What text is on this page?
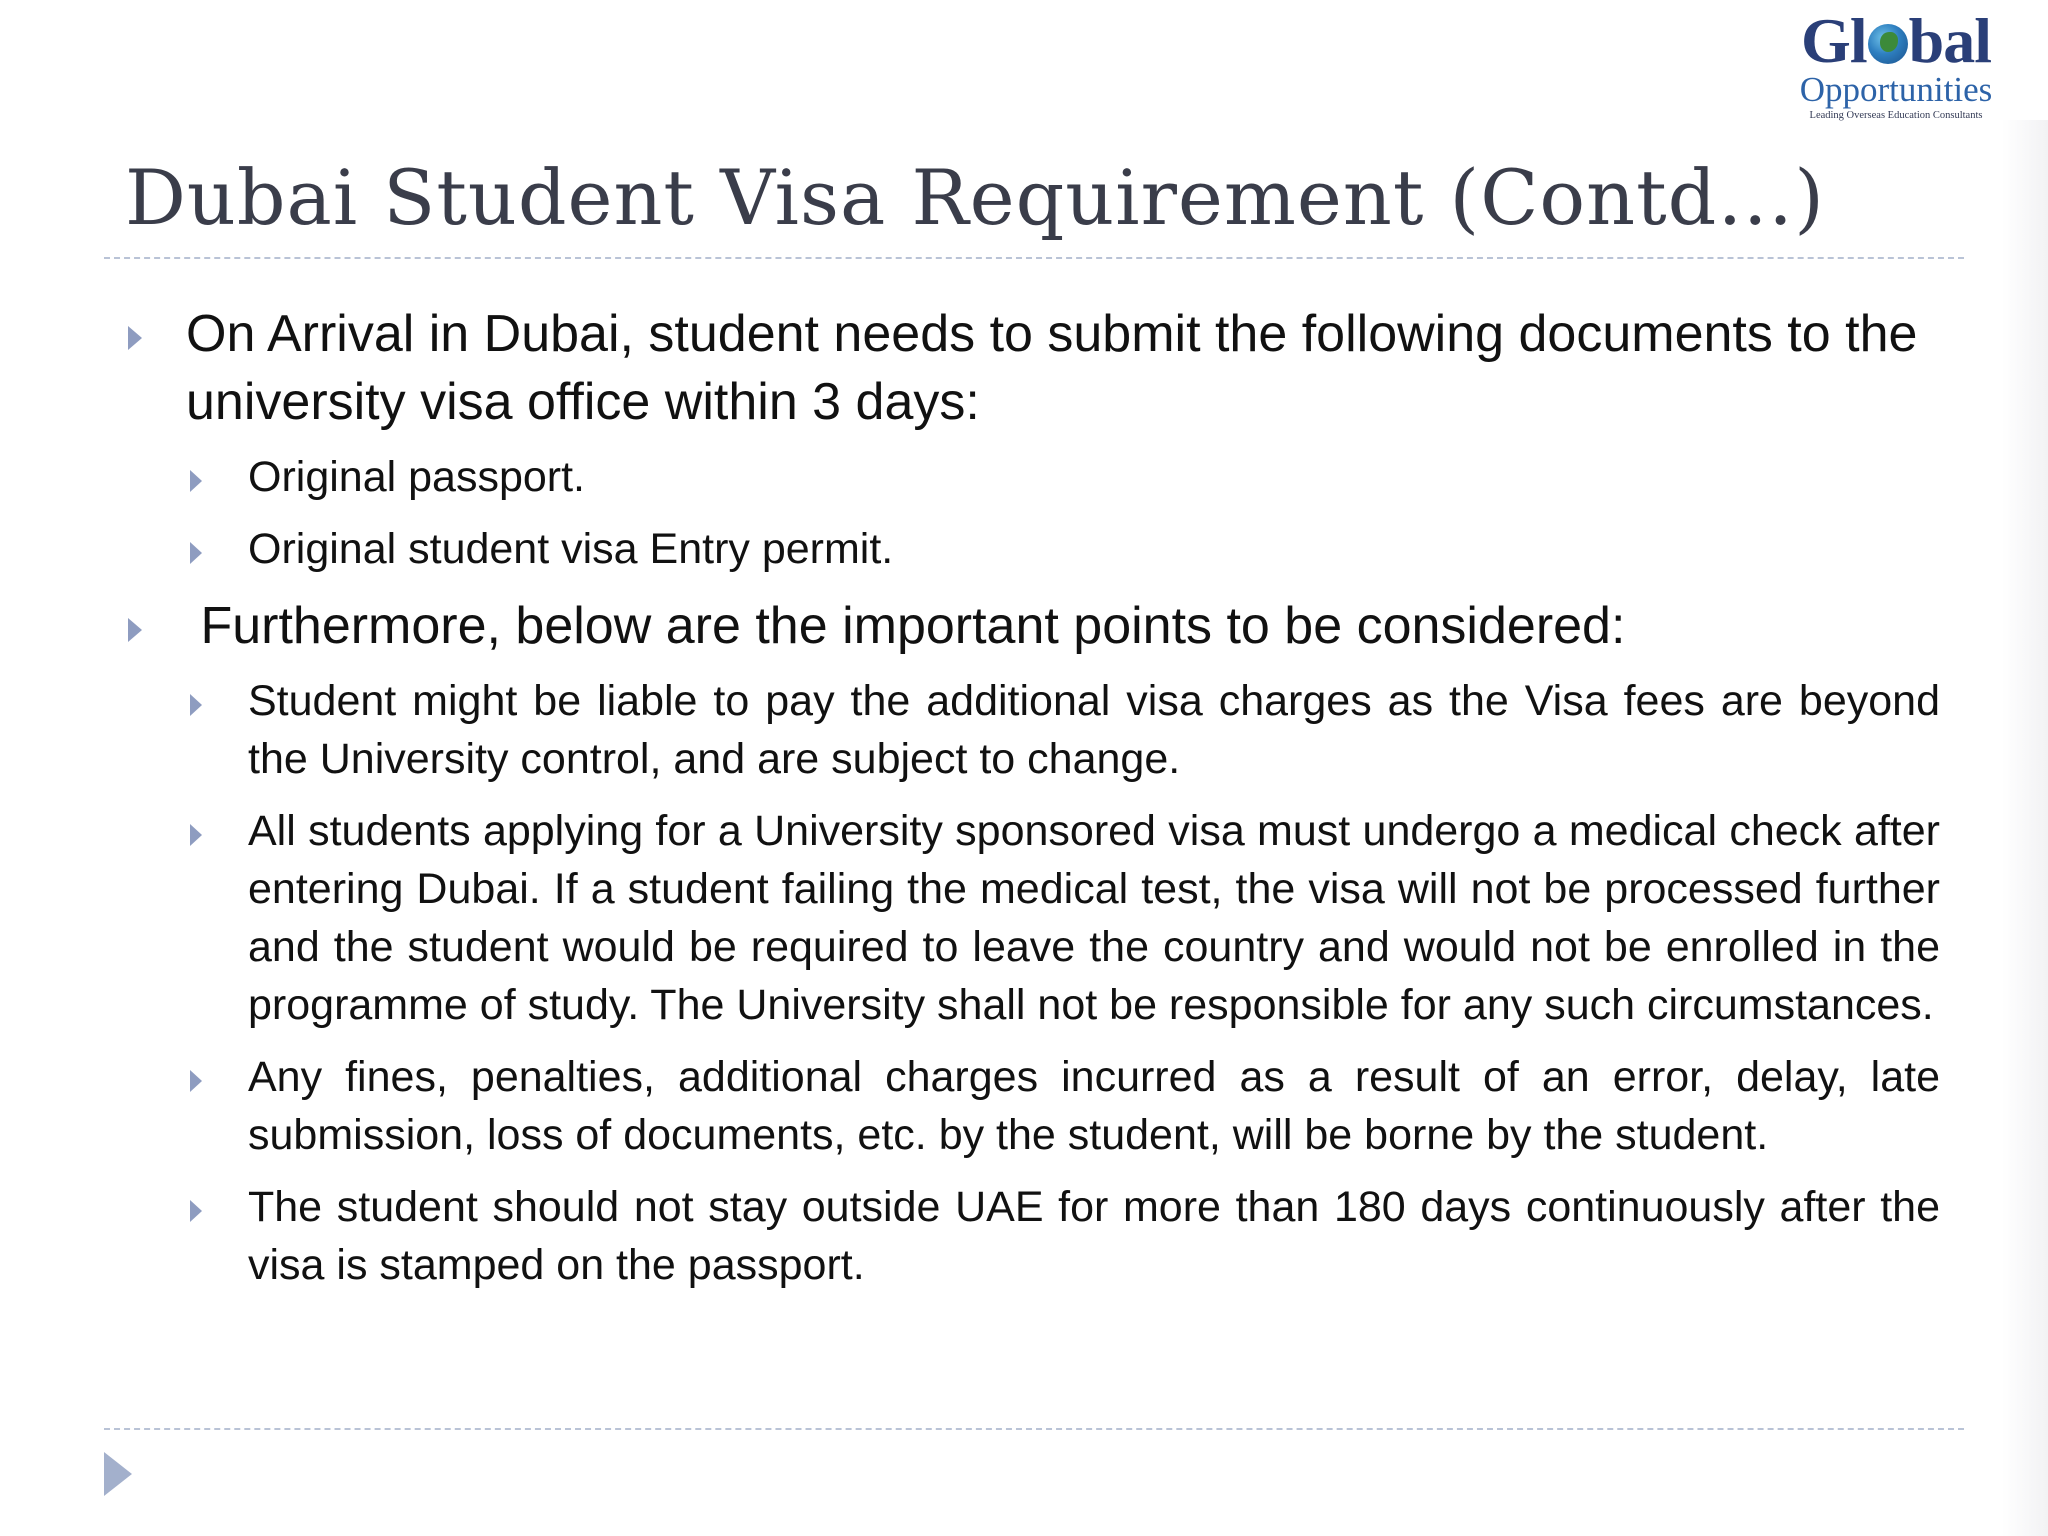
Gl bal
Opportunities
Leading Overseas Education Consultants
Dubai Student Visa Requirement (Contd…)
On Arrival in Dubai, student needs to submit the following documents to the university visa office within 3 days:
Original passport.
Original student visa Entry permit.
Furthermore, below are the important points to be considered:
Student might be liable to pay the additional visa charges as the Visa fees are beyond the University control, and are subject to change.
All students applying for a University sponsored visa must undergo a medical check after entering Dubai. If a student failing the medical test, the visa will not be processed further and the student would be required to leave the country and would not be enrolled in the programme of study. The University shall not be responsible for any such circumstances.
Any fines, penalties, additional charges incurred as a result of an error, delay, late submission, loss of documents, etc. by the student, will be borne by the student.
The student should not stay outside UAE for more than 180 days continuously after the visa is stamped on the passport.
